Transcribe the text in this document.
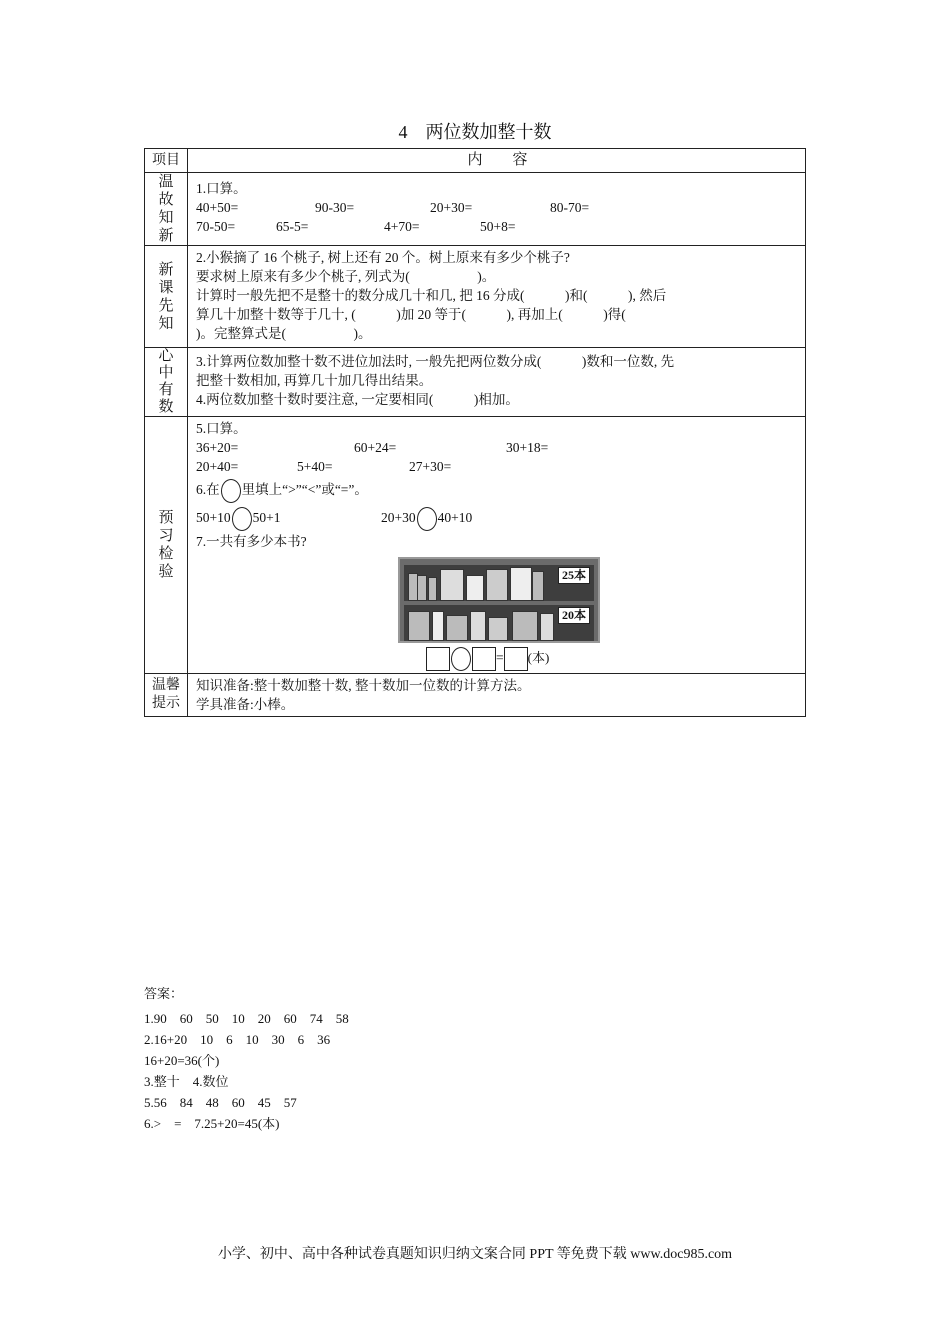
4　两位数加整十数
项目	内　　容
温故知新
1.口算。
40+50=	90-30=	20+30=	80-70=
70-50=	65-5=	4+70=	50+8=
新课先知
2.小猴摘了 16 个桃子, 树上还有 20 个。树上原来有多少个桃子?
要求树上原来有多少个桃子, 列式为(　　　　　)。
计算时一般先把不是整十的数分成几十和几, 把 16 分成(　　　)和(　　　), 然后
算几十加整十数等于几十, (　　　)加 20 等于(　　　), 再加上(　　　)得(
)。完整算式是(　　　　　)。
心中有数
3.计算两位数加整十数不进位加法时, 一般先把两位数分成(　　　)数和一位数, 先
把整十数相加, 再算几十加几得出结果。
4.两位数加整十数时要注意, 一定要相同(　　　)相加。
预习检验
5.口算。
36+20=	60+24=	30+18=
20+40=	5+40=	27+30=
6.在 里填上“>”“<”或“=”。
50+10 50+1	20+30 40+10
7.一共有多少本书?
25本
20本
= (本)
温馨提示
知识准备:整十数加整十数, 整十数加一位数的计算方法。
学具准备:小棒。
答案：
1.90　60　50　10　20　60　74　58
2.16+20　10　6　10　30　6　36
16+20=36(个)
3.整十　4.数位
5.56　84　48　60　45　57
6.>　=　7.25+20=45(本)
小学、初中、高中各种试卷真题知识归纳文案合同 PPT 等免费下载 www.doc985.com
